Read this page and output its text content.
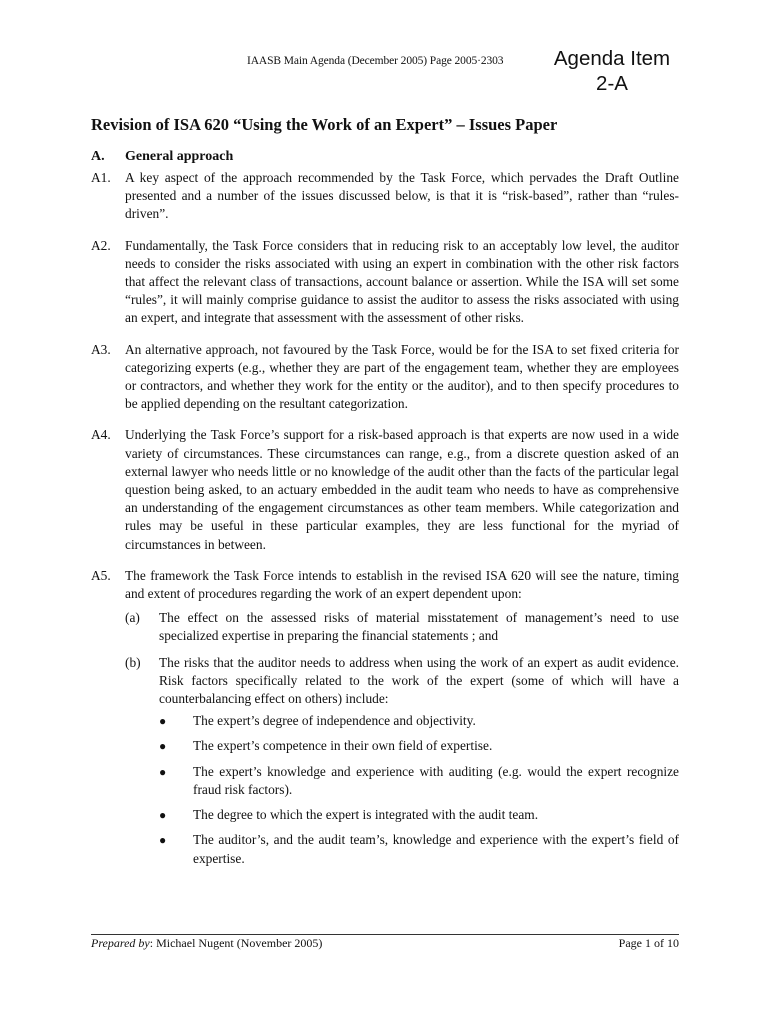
IAASB Main Agenda (December 2005) Page 2005·2303	Agenda Item
2-A
Revision of ISA 620 “Using the Work of an Expert” – Issues Paper
A.	General approach
A1.	A key aspect of the approach recommended by the Task Force, which pervades the Draft Outline presented and a number of the issues discussed below, is that it is “risk-based”, rather than “rules-driven”.
A2.	Fundamentally, the Task Force considers that in reducing risk to an acceptably low level, the auditor needs to consider the risks associated with using an expert in combination with the other risk factors that affect the relevant class of transactions, account balance or assertion. While the ISA will set some “rules”, it will mainly comprise guidance to assist the auditor to assess the risks associated with using an expert, and integrate that assessment with the assessment of other risks.
A3.	An alternative approach, not favoured by the Task Force, would be for the ISA to set fixed criteria for categorizing experts (e.g., whether they are part of the engagement team, whether they are employees or contractors, and whether they work for the entity or the auditor), and to then specify procedures to be applied depending on the resultant categorization.
A4.	Underlying the Task Force’s support for a risk-based approach is that experts are now used in a wide variety of circumstances. These circumstances can range, e.g., from a discrete question asked of an external lawyer who needs little or no knowledge of the audit other than the facts of the particular legal question being asked, to an actuary embedded in the audit team who needs to have as comprehensive an understanding of the engagement circumstances as other team members. While categorization and rules may be useful in these particular examples, they are less functional for the myriad of circumstances in between.
A5.	The framework the Task Force intends to establish in the revised ISA 620 will see the nature, timing and extent of procedures regarding the work of an expert dependent upon:
(a)	The effect on the assessed risks of material misstatement of management’s need to use specialized expertise in preparing the financial statements ; and
(b)	The risks that the auditor needs to address when using the work of an expert as audit evidence. Risk factors specifically related to the work of the expert (some of which will have a counterbalancing effect on others) include:
●	The expert’s degree of independence and objectivity.
●	The expert’s competence in their own field of expertise.
●	The expert’s knowledge and experience with auditing (e.g. would the expert recognize fraud risk factors).
●	The degree to which the expert is integrated with the audit team.
●	The auditor’s, and the audit team’s, knowledge and experience with the expert’s field of expertise.
Prepared by: Michael Nugent (November 2005)	Page 1 of 10
